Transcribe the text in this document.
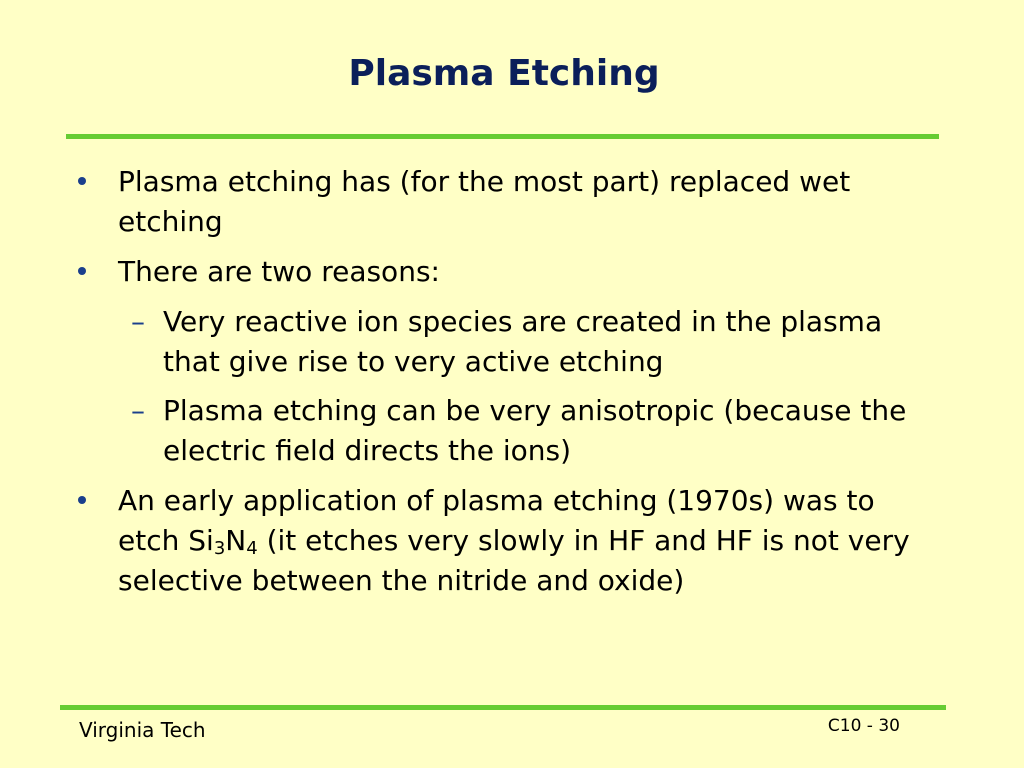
Plasma Etching

Plasma etching has (for the most part) replaced wet etching

There are two reasons:

– Very reactive ion species are created in the plasma that give rise to very active etching

– Plasma etching can be very anisotropic (because the electric field directs the ions)

An early application of plasma etching (1970s) was to etch $Si_3N_4$ (it etches very slowly in HF and HF is not very selective between the nitride and oxide)

Virginia Tech	C10 - 30
